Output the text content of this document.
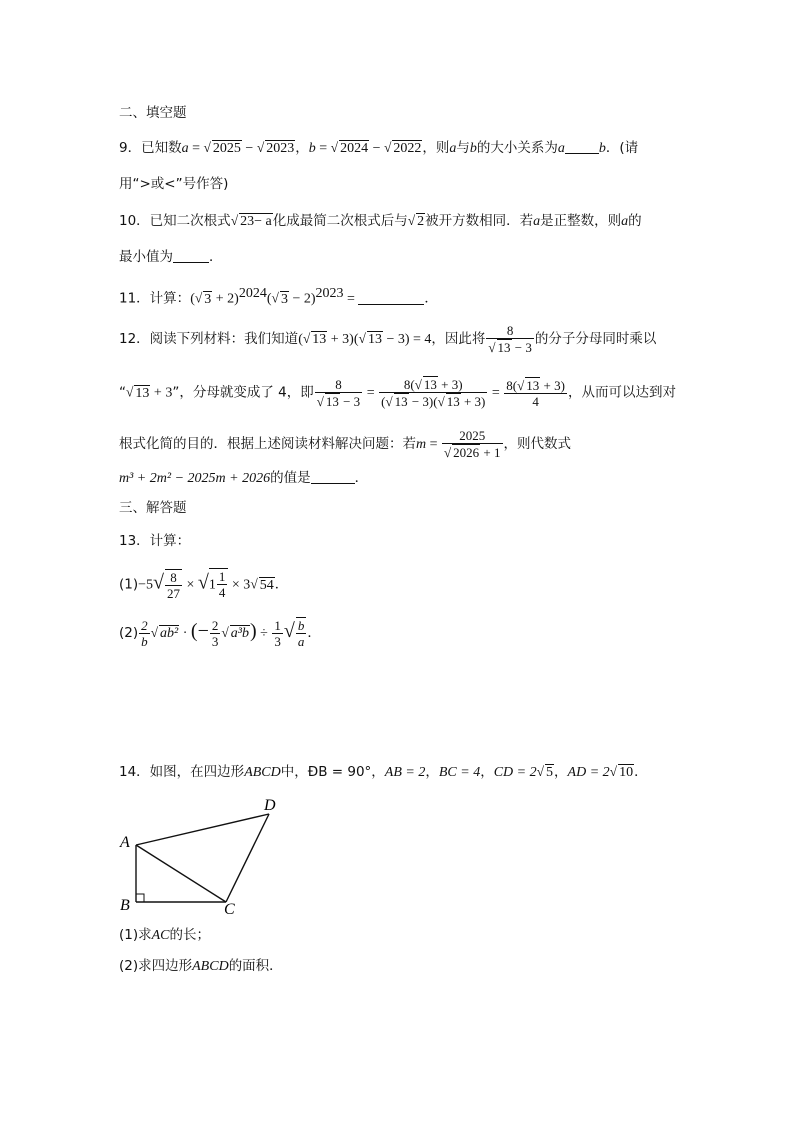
二、填空题
9．已知数a = √ 2025 − √ 2023，b = √ 2024 − √ 2022，则a与b的大小关系为a b．(请
用“>或<”号作答)
10．已知二次根式√ 23− a化成最简二次根式后与√ 2被开方数相同．若a是正整数，则a的
最小值为	．
11．计算：(√ 3 + 2)$^{2024}$(√ 3 − 2)$^{2023}$ =	．
12．阅读下列材料：我们知道(√ 13 + 3)(√ 13 − 3) = 4，因此将 $\frac{8}{√ 13 - 3}$ 的分子分母同时乘以
“√ 13 + 3”，分母就变成了 4，即 $\frac{8}{√ 13 - 3} = \frac{8(√ 13 + 3)}{(√ 13 - 3)(√ 13 + 3)} = \frac{8(√ 13 + 3)}{4}$ ，从而可以达到对
根式化简的目的．根据上述阅读材料解决问题：若$m = \frac{2025}{√ 2026 + 1}$ ，则代数式
m³ + 2m² − 2025m + 2026的值是	．
三、解答题
13．计算：
$(1)-5√ \frac{8}{27} \times √1 \frac{1}{4} \times 3√$ 54．
$(2) \frac{2}{b}$ √ ab² · (− $\frac{2}{3}$ √ $a^3b) \div \frac{1}{3}$ √ $\frac{b}{a}$ ．
14．如图，在四边形ABCD中，ÐB = 90°，AB = 2，BC = 4，CD = 2√ 5，AD = 2√ 10．
A
B	C
D
(1)求AC的长；
(2)求四边形ABCD的面积．
